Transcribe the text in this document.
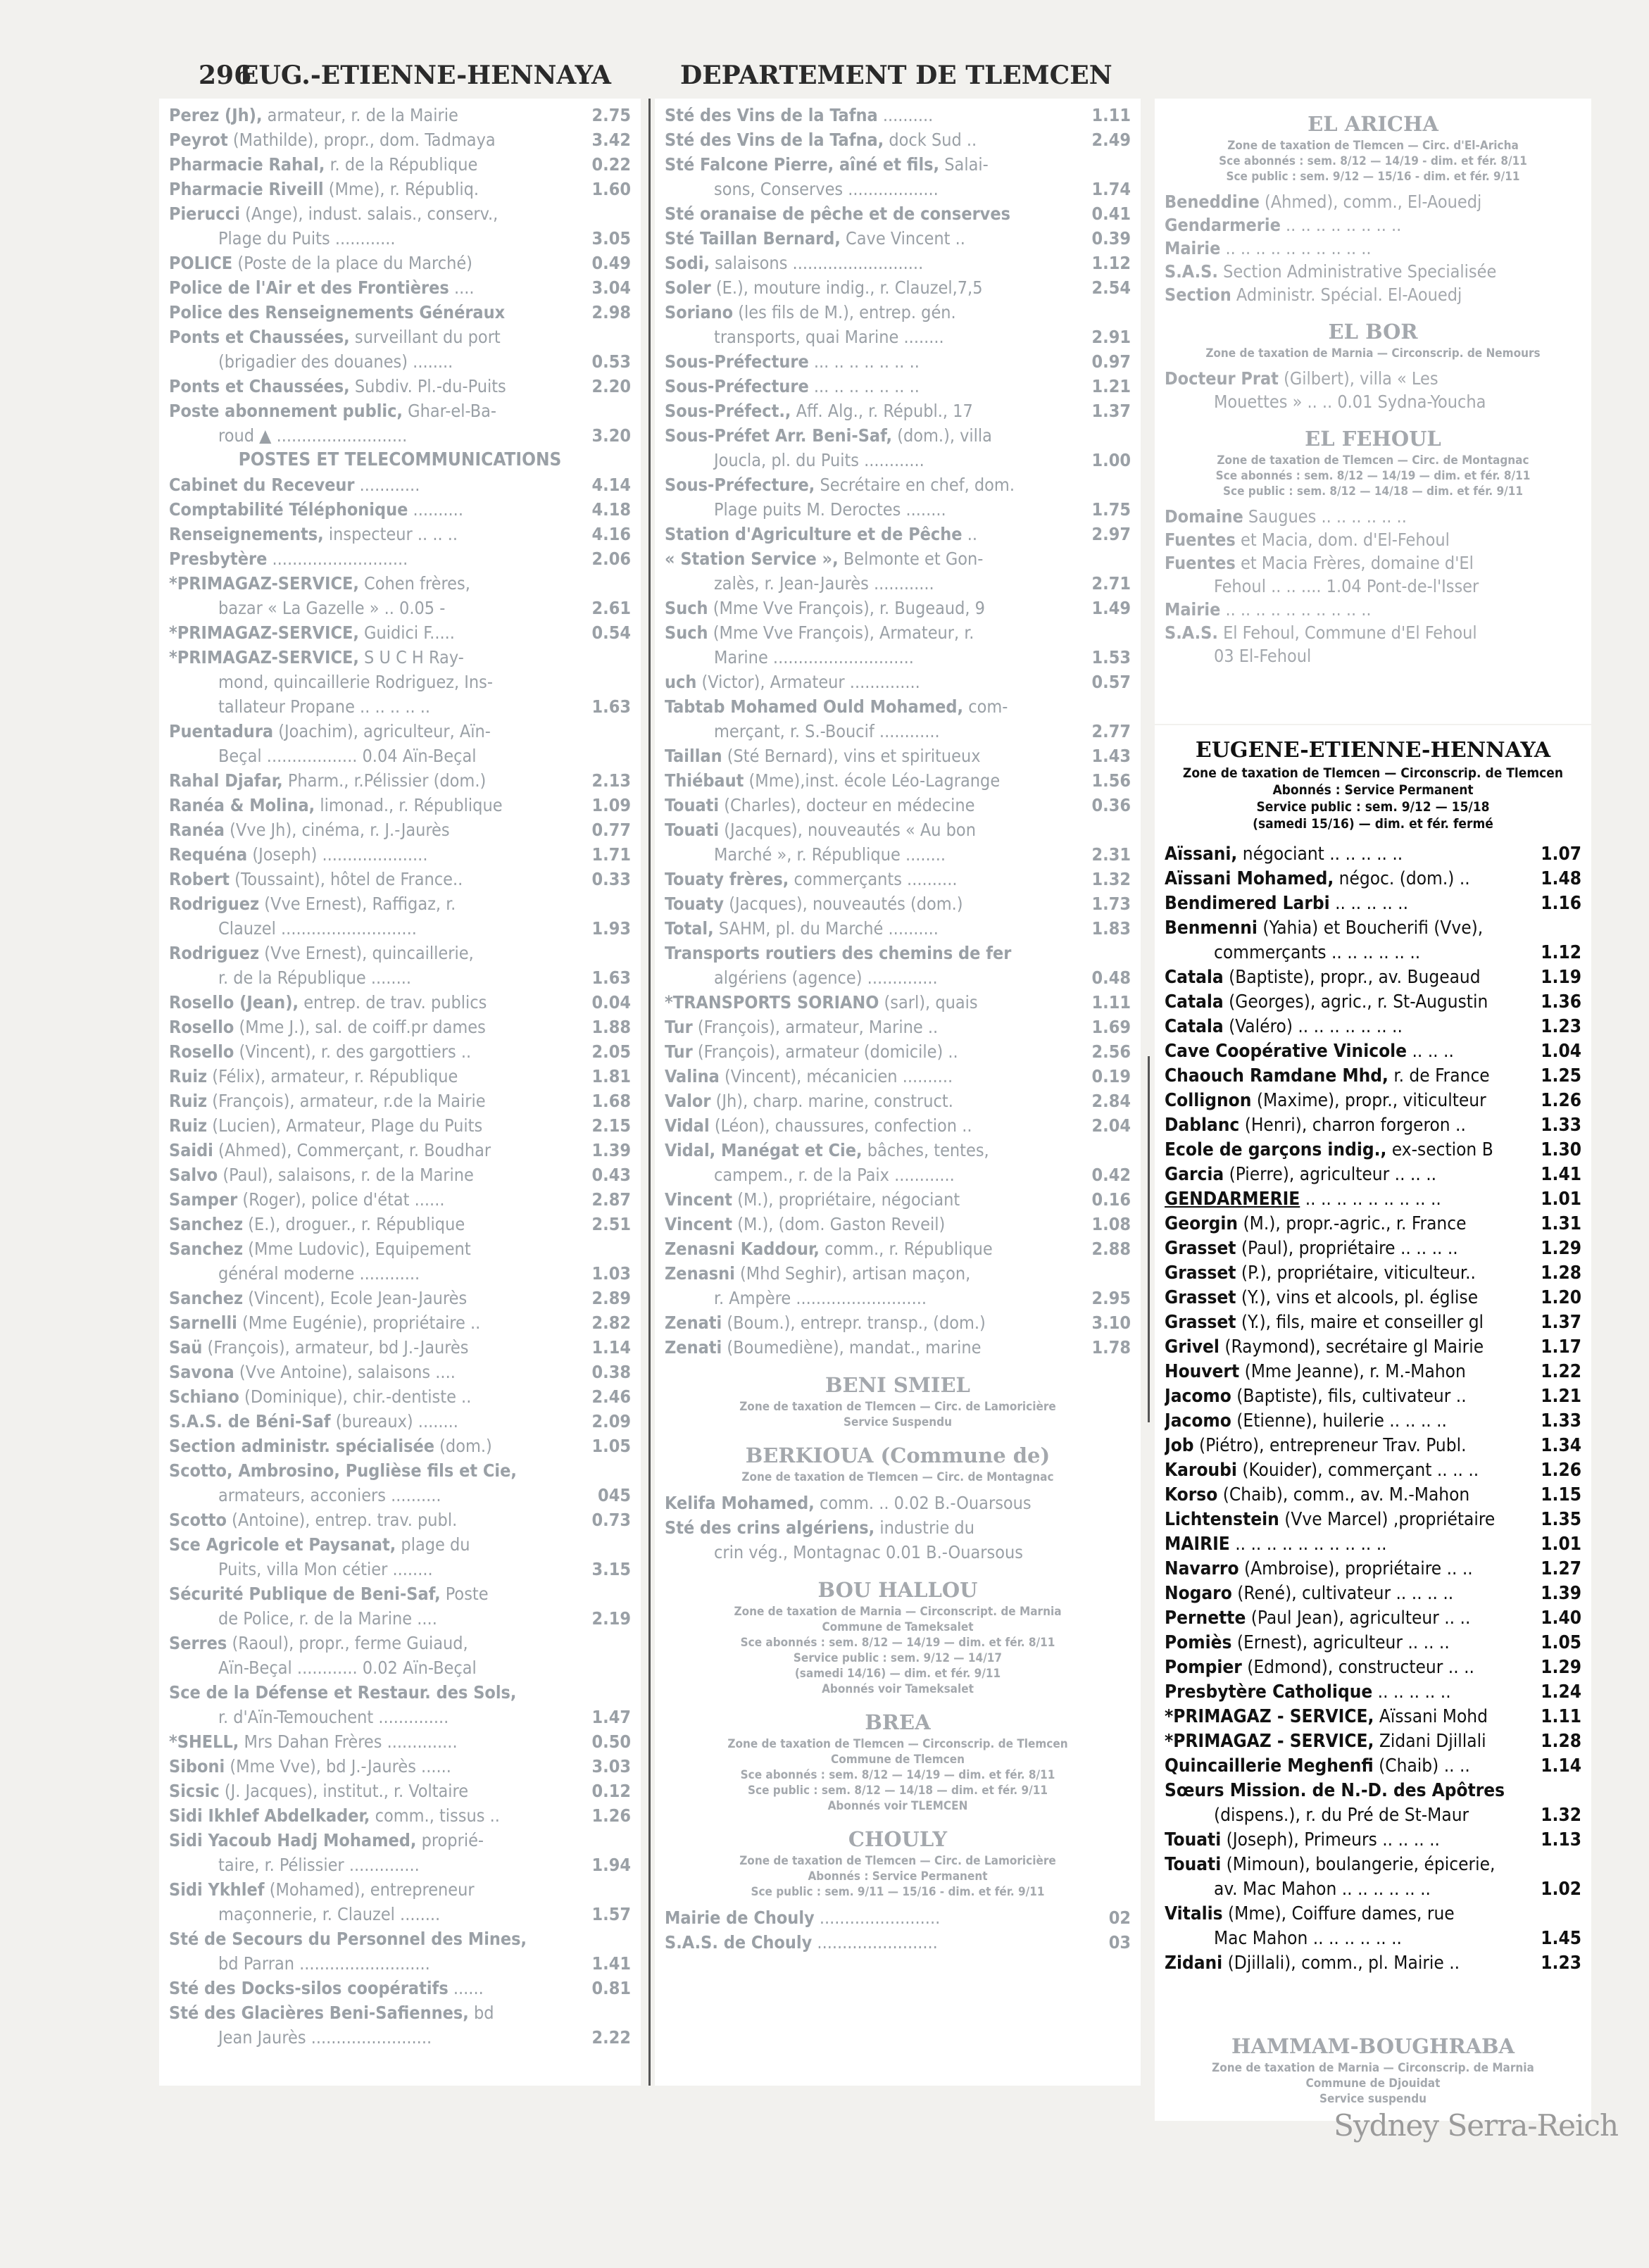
296
EUG.-ETIENNE-HENNAYA	DEPARTEMENT DE TLEMCEN
Perez (Jh), armateur, r. de la Mairie	2.75
Peyrot (Mathilde), propr., dom. Tadmaya	3.42
Pharmacie Rahal, r. de la République	0.22
Pharmacie Riveill (Mme), r. Républiq.	1.60
Pierucci (Ange), indust. salais., conserv.,
Plage du Puits ............	3.05
POLICE (Poste de la place du Marché)	0.49
Police de l'Air et des Frontières ....	3.04
Police des Renseignements Généraux	2.98
Ponts et Chaussées, surveillant du port
(brigadier des douanes) ........	0.53
Ponts et Chaussées, Subdiv. Pl.-du-Puits	2.20
Poste abonnement public, Ghar-el-Ba-
roud ▲ ..........................	3.20
POSTES ET TELECOMMUNICATIONS
Cabinet du Receveur ............	4.14
Comptabilité Téléphonique ..........	4.18
Renseignements, inspecteur .. .. ..	4.16
Presbytère ...........................	2.06
*PRIMAGAZ-SERVICE, Cohen frères,
bazar « La Gazelle » .. 0.05 -	2.61
*PRIMAGAZ-SERVICE, Guidici F.....	0.54
*PRIMAGAZ-SERVICE, S U C H Ray-
mond, quincaillerie Rodriguez, Ins-
tallateur Propane .. .. .. .. ..	1.63
Puentadura (Joachim), agriculteur, Aïn-
Beçal .................. 0.04 Aïn-Beçal
Rahal Djafar, Pharm., r.Pélissier (dom.)	2.13
Ranéa & Molina, limonad., r. République	1.09
Ranéa (Vve Jh), cinéma, r. J.-Jaurès	0.77
Requéna (Joseph) .....................	1.71
Robert (Toussaint), hôtel de France..	0.33
Rodriguez (Vve Ernest), Raffigaz, r.
Clauzel ...........................	1.93
Rodriguez (Vve Ernest), quincaillerie,
r. de la République ........	1.63
Rosello (Jean), entrep. de trav. publics	0.04
Rosello (Mme J.), sal. de coiff.pr dames	1.88
Rosello (Vincent), r. des gargottiers ..	2.05
Ruiz (Félix), armateur, r. République	1.81
Ruiz (François), armateur, r.de la Mairie	1.68
Ruiz (Lucien), Armateur, Plage du Puits	2.15
Saidi (Ahmed), Commerçant, r. Boudhar	1.39
Salvo (Paul), salaisons, r. de la Marine	0.43
Samper (Roger), police d'état ......	2.87
Sanchez (E.), droguer., r. République	2.51
Sanchez (Mme Ludovic), Equipement
général moderne ............	1.03
Sanchez (Vincent), Ecole Jean-Jaurès	2.89
Sarnelli (Mme Eugénie), propriétaire ..	2.82
Saü (François), armateur, bd J.-Jaurès	1.14
Savona (Vve Antoine), salaisons ....	0.38
Schiano (Dominique), chir.-dentiste ..	2.46
S.A.S. de Béni-Saf (bureaux) ........	2.09
Section administr. spécialisée (dom.)	1.05
Scotto, Ambrosino, Puglièse fils et Cie,
armateurs, acconiers ..........	045
Scotto (Antoine), entrep. trav. publ.	0.73
Sce Agricole et Paysanat, plage du
Puits, villa Mon cétier ........	3.15
Sécurité Publique de Beni-Saf, Poste
de Police, r. de la Marine ....	2.19
Serres (Raoul), propr., ferme Guiaud,
Aïn-Beçal ............ 0.02 Aïn-Beçal
Sce de la Défense et Restaur. des Sols,
r. d'Aïn-Temouchent ..............	1.47
*SHELL, Mrs Dahan Frères ..............	0.50
Siboni (Mme Vve), bd J.-Jaurès ......	3.03
Sicsic (J. Jacques), institut., r. Voltaire	0.12
Sidi Ikhlef Abdelkader, comm., tissus ..	1.26
Sidi Yacoub Hadj Mohamed, proprié-
taire, r. Pélissier ..............	1.94
Sidi Ykhlef (Mohamed), entrepreneur
maçonnerie, r. Clauzel ........	1.57
Sté de Secours du Personnel des Mines,
bd Parran ..........................	1.41
Sté des Docks-silos coopératifs ......	0.81
Sté des Glacières Beni-Safiennes, bd
Jean Jaurès ........................	2.22
Sté des Vins de la Tafna ..........	1.11
Sté des Vins de la Tafna, dock Sud ..	2.49
Sté Falcone Pierre, aîné et fils, Salai-
sons, Conserves ..................	1.74
Sté oranaise de pêche et de conserves	0.41
Sté Taillan Bernard, Cave Vincent ..	0.39
Sodi, salaisons ..........................	1.12
Soler (E.), mouture indig., r. Clauzel,7,5	2.54
Soriano (les fils de M.), entrep. gén.
transports, quai Marine ........	2.91
Sous-Préfecture ... .. .. .. .. .. ..	0.97
Sous-Préfecture ... .. .. .. .. .. ..	1.21
Sous-Préfect., Aff. Alg., r. Républ., 17	1.37
Sous-Préfet Arr. Beni-Saf, (dom.), villa
Joucla, pl. du Puits ............	1.00
Sous-Préfecture, Secrétaire en chef, dom.
Plage puits M. Deroctes ........	1.75
Station d'Agriculture et de Pêche ..	2.97
« Station Service », Belmonte et Gon-
zalès, r. Jean-Jaurès ............	2.71
Such (Mme Vve François), r. Bugeaud, 9	1.49
Such (Mme Vve François), Armateur, r.
Marine ............................	1.53
uch (Victor), Armateur ..............	0.57
Tabtab Mohamed Ould Mohamed, com-
merçant, r. S.-Boucif ............	2.77
Taillan (Sté Bernard), vins et spiritueux	1.43
Thiébaut (Mme),inst. école Léo-Lagrange	1.56
Touati (Charles), docteur en médecine	0.36
Touati (Jacques), nouveautés « Au bon
Marché », r. République ........	2.31
Touaty frères, commerçants ..........	1.32
Touaty (Jacques), nouveautés (dom.)	1.73
Total, SAHM, pl. du Marché ..........	1.83
Transports routiers des chemins de fer
algériens (agence) ..............	0.48
*TRANSPORTS SORIANO (sarl), quais	1.11
Tur (François), armateur, Marine ..	1.69
Tur (François), armateur (domicile) ..	2.56
Valina (Vincent), mécanicien ..........	0.19
Valor (Jh), charp. marine, construct.	2.84
Vidal (Léon), chaussures, confection ..	2.04
Vidal, Manégat et Cie, bâches, tentes,
campem., r. de la Paix ............	0.42
Vincent (M.), propriétaire, négociant	0.16
Vincent (M.), (dom. Gaston Reveil)	1.08
Zenasni Kaddour, comm., r. République	2.88
Zenasni (Mhd Seghir), artisan maçon,
r. Ampère ..........................	2.95
Zenati (Boum.), entrepr. transp., (dom.)	3.10
Zenati (Boumediène), mandat., marine	1.78
BENI SMIEL
Zone de taxation de Tlemcen — Circ. de Lamoricière
Service Suspendu
BERKIOUA (Commune de)
Zone de taxation de Tlemcen — Circ. de Montagnac
Kelifa Mohamed, comm. .. 0.02 B.-Ouarsous
Sté des crins algériens, industrie du
crin vég., Montagnac 0.01 B.-Ouarsous
BOU HALLOU
Zone de taxation de Marnia — Circonscript. de Marnia
Commune de Tameksalet
Sce abonnés : sem. 8/12 — 14/19 — dim. et fér. 8/11
Service public : sem. 9/12 — 14/17
(samedi 14/16) — dim. et fér. 9/11
Abonnés voir Tameksalet
BREA
Zone de taxation de Tlemcen — Circonscrip. de Tlemcen
Commune de Tlemcen
Sce abonnés : sem. 8/12 — 14/19 — dim. et fér. 8/11
Sce public : sem. 8/12 — 14/18 — dim. et fér. 9/11
Abonnés voir TLEMCEN
CHOULY
Zone de taxation de Tlemcen — Circ. de Lamoricière
Abonnés : Service Permanent
Sce public : sem. 9/11 — 15/16 - dim. et fér. 9/11
Mairie de Chouly ........................	02
S.A.S. de Chouly ........................	03
EL ARICHA
Zone de taxation de Tlemcen — Circ. d'El-Aricha
Sce abonnés : sem. 8/12 — 14/19 - dim. et fér. 8/11
Sce public : sem. 9/12 — 15/16 - dim. et fér. 9/11
Beneddine (Ahmed), comm., El-Aouedj
Gendarmerie .. .. .. .. .. .. .. ..
Mairie .. .. .. .. .. .. .. .. .. ..
S.A.S. Section Administrative Specialisée
Section Administr. Spécial. El-Aouedj
EL BOR
Zone de taxation de Marnia — Circonscrip. de Nemours
Docteur Prat (Gilbert), villa « Les
Mouettes » .. .. 0.01 Sydna-Youcha
EL FEHOUL
Zone de taxation de Tlemcen — Circ. de Montagnac
Sce abonnés : sem. 8/12 — 14/19 — dim. et fér. 8/11
Sce public : sem. 8/12 — 14/18 — dim. et fér. 9/11
Domaine Saugues .. .. .. .. .. ..
Fuentes et Macia, dom. d'El-Fehoul
Fuentes et Macia Frères, domaine d'El
Fehoul .. .. .... 1.04 Pont-de-l'Isser
Mairie .. .. .. .. .. .. .. .. .. ..
S.A.S. El Fehoul, Commune d'El Fehoul
03 El-Fehoul
EUGENE-ETIENNE-HENNAYA
Zone de taxation de Tlemcen — Circonscrip. de Tlemcen
Abonnés : Service Permanent
Service public : sem. 9/12 — 15/18
(samedi 15/16) — dim. et fér. fermé
Aïssani, négociant .. .. .. .. ..	1.07
Aïssani Mohamed, négoc. (dom.) ..	1.48
Bendimered Larbi .. .. .. .. ..	1.16
Benmenni (Yahia) et Boucherifi (Vve),
commerçants .. .. .. .. .. ..	1.12
Catala (Baptiste), propr., av. Bugeaud	1.19
Catala (Georges), agric., r. St-Augustin	1.36
Catala (Valéro) .. .. .. .. .. .. ..	1.23
Cave Coopérative Vinicole .. .. ..	1.04
Chaouch Ramdane Mhd, r. de France	1.25
Collignon (Maxime), propr., viticulteur	1.26
Dablanc (Henri), charron forgeron ..	1.33
Ecole de garçons indig., ex-section B	1.30
Garcia (Pierre), agriculteur .. .. ..	1.41
GENDARMERIE .. .. .. .. .. .. .. .. ..	1.01
Georgin (M.), propr.-agric., r. France	1.31
Grasset (Paul), propriétaire .. .. .. ..	1.29
Grasset (P.), propriétaire, viticulteur..	1.28
Grasset (Y.), vins et alcools, pl. église	1.20
Grasset (Y.), fils, maire et conseiller gl	1.37
Grivel (Raymond), secrétaire gl Mairie	1.17
Houvert (Mme Jeanne), r. M.-Mahon	1.22
Jacomo (Baptiste), fils, cultivateur ..	1.21
Jacomo (Etienne), huilerie .. .. .. ..	1.33
Job (Piétro), entrepreneur Trav. Publ.	1.34
Karoubi (Kouider), commerçant .. .. ..	1.26
Korso (Chaib), comm., av. M.-Mahon	1.15
Lichtenstein (Vve Marcel) ,propriétaire 1.35
MAIRIE .. .. .. .. .. .. .. .. .. ..	1.01
Navarro (Ambroise), propriétaire .. ..	1.27
Nogaro (René), cultivateur .. .. .. ..	1.39
Pernette (Paul Jean), agriculteur .. ..	1.40
Pomiès (Ernest), agriculteur .. .. ..	1.05
Pompier (Edmond), constructeur .. ..	1.29
Presbytère Catholique .. .. .. .. ..	1.24
*PRIMAGAZ - SERVICE, Aïssani Mohd	1.11
*PRIMAGAZ - SERVICE, Zidani Djillali	1.28
Quincaillerie Meghenfi (Chaib) .. ..	1.14
Sœurs Mission. de N.-D. des Apôtres
(dispens.), r. du Pré de St-Maur	1.32
Touati (Joseph), Primeurs .. .. .. ..	1.13
Touati (Mimoun), boulangerie, épicerie,
av. Mac Mahon .. .. .. .. .. ..	1.02
Vitalis (Mme), Coiffure dames, rue
Mac Mahon .. .. .. .. .. ..	1.45
Zidani (Djillali), comm., pl. Mairie ..	1.23
HAMMAM-BOUGHRABA
Zone de taxation de Marnia — Circonscrip. de Marnia
Commune de Djouidat
Service suspendu
Sydney Serra-Reich
